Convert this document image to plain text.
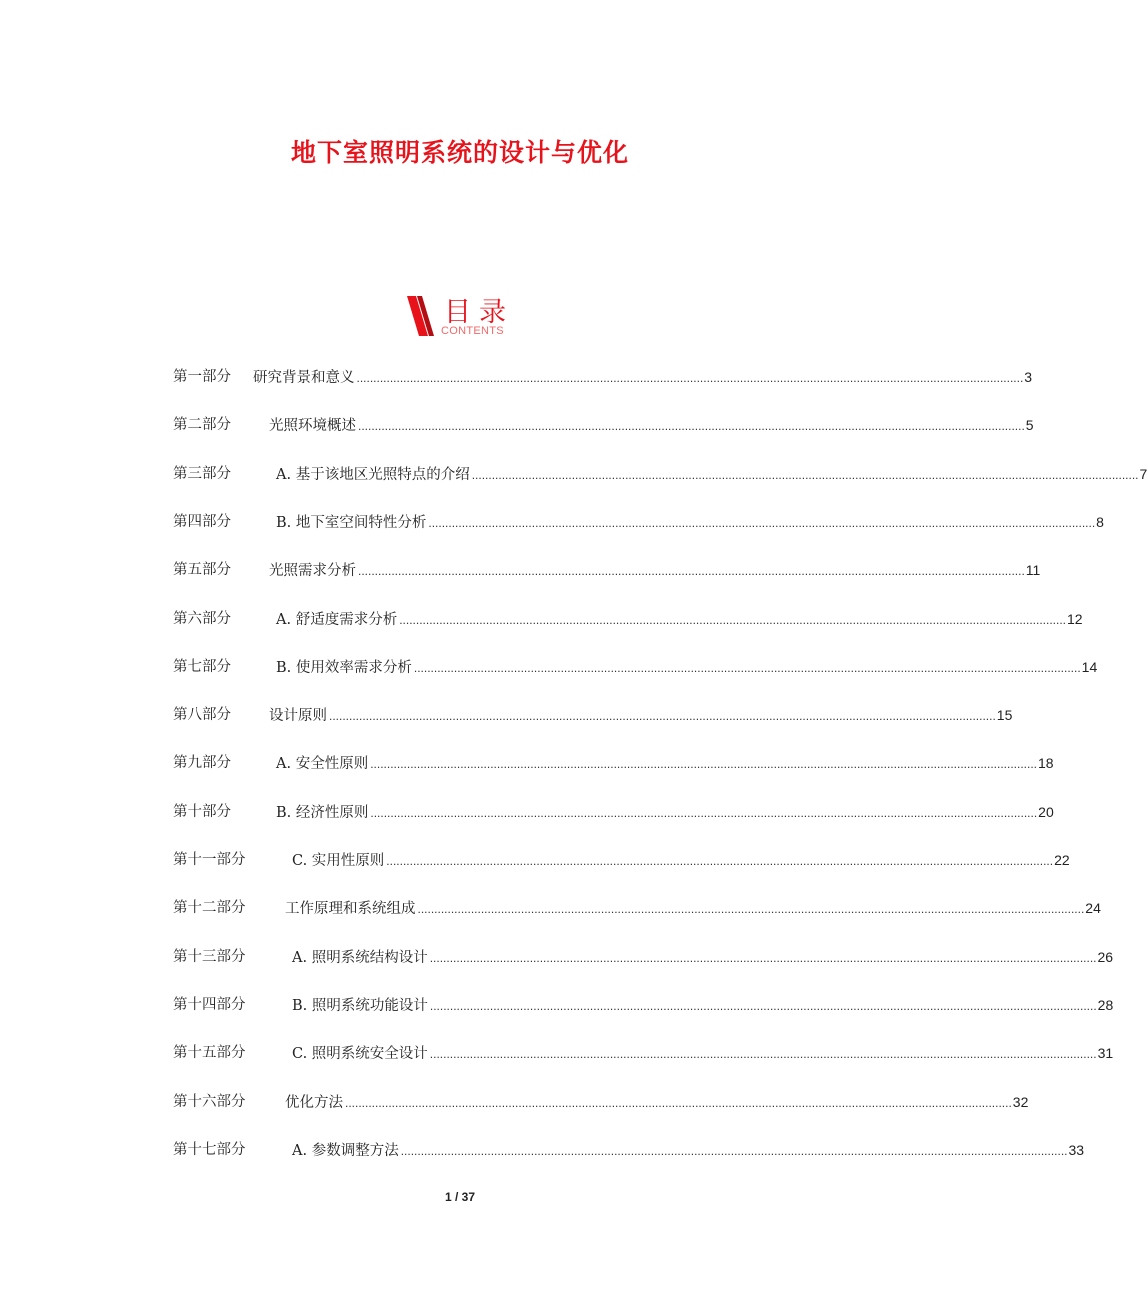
地下室照明系统的设计与优化
目录
CONTENTS
第一部分 研究背景和意义 ........................................................................................................................................................................................................ 3
第二部分	光照环境概述 ........................................................................................................................................................................................................ 5
第三部分	A. 基于该地区光照特点的介绍 ........................................................................................................................................................................................................ 7
第四部分	B. 地下室空间特性分析 ........................................................................................................................................................................................................ 8
第五部分	光照需求分析 ........................................................................................................................................................................................................ 11
第六部分	A. 舒适度需求分析 ........................................................................................................................................................................................................ 12
第七部分	B. 使用效率需求分析 ........................................................................................................................................................................................................ 14
第八部分	设计原则 ........................................................................................................................................................................................................ 15
第九部分	A. 安全性原则 ........................................................................................................................................................................................................ 18
第十部分	B. 经济性原则 ........................................................................................................................................................................................................ 20
第十一部分	C. 实用性原则 ........................................................................................................................................................................................................ 22
第十二部分	工作原理和系统组成 ........................................................................................................................................................................................................ 24
第十三部分	A. 照明系统结构设计 ........................................................................................................................................................................................................ 26
第十四部分	B. 照明系统功能设计 ........................................................................................................................................................................................................ 28
第十五部分	C. 照明系统安全设计 ........................................................................................................................................................................................................ 31
第十六部分	优化方法 ........................................................................................................................................................................................................ 32
第十七部分	A. 参数调整方法 ........................................................................................................................................................................................................ 33
1 / 37
